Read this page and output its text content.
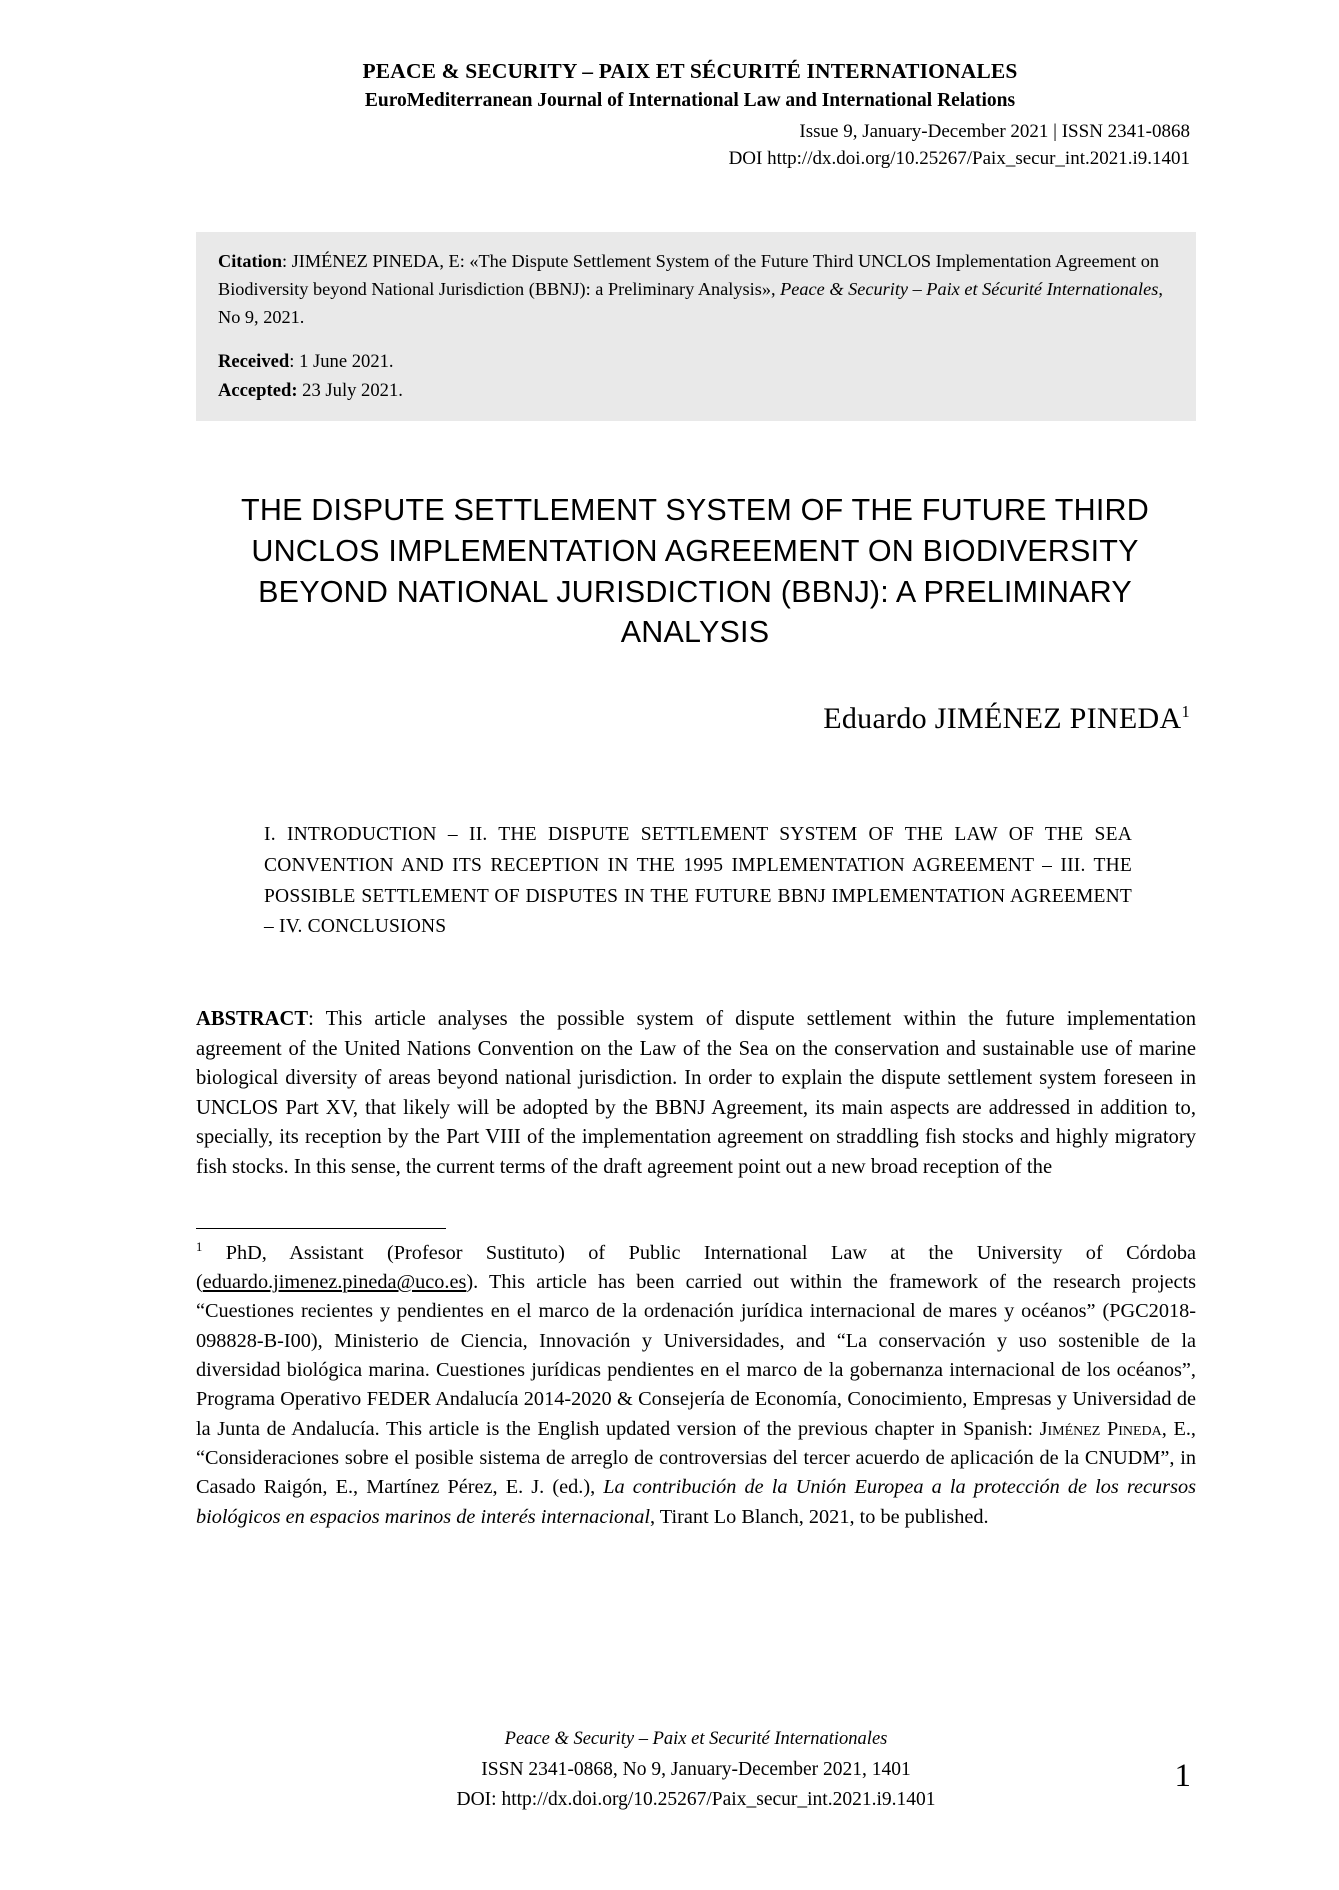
PEACE & SECURITY – PAIX ET SÉCURITÉ INTERNATIONALES
EuroMediterranean Journal of International Law and International Relations
Issue 9, January-December 2021 | ISSN 2341-0868
DOI http://dx.doi.org/10.25267/Paix_secur_int.2021.i9.1401
Citation: JIMÉNEZ PINEDA, E: «The Dispute Settlement System of the Future Third UNCLOS Implementation Agreement on Biodiversity beyond National Jurisdiction (BBNJ): a Preliminary Analysis», Peace & Security – Paix et Sécurité Internationales, No 9, 2021.
Received: 1 June 2021.
Accepted: 23 July 2021.
THE DISPUTE SETTLEMENT SYSTEM OF THE FUTURE THIRD UNCLOS IMPLEMENTATION AGREEMENT ON BIODIVERSITY BEYOND NATIONAL JURISDICTION (BBNJ): A PRELIMINARY ANALYSIS
Eduardo JIMÉNEZ PINEDA$^1$
I. INTRODUCTION – II. THE DISPUTE SETTLEMENT SYSTEM OF THE LAW OF THE SEA CONVENTION AND ITS RECEPTION IN THE 1995 IMPLEMENTATION AGREEMENT – III. THE POSSIBLE SETTLEMENT OF DISPUTES IN THE FUTURE BBNJ IMPLEMENTATION AGREEMENT – IV. CONCLUSIONS
ABSTRACT: This article analyses the possible system of dispute settlement within the future implementation agreement of the United Nations Convention on the Law of the Sea on the conservation and sustainable use of marine biological diversity of areas beyond national jurisdiction. In order to explain the dispute settlement system foreseen in UNCLOS Part XV, that likely will be adopted by the BBNJ Agreement, its main aspects are addressed in addition to, specially, its reception by the Part VIII of the implementation agreement on straddling fish stocks and highly migratory fish stocks. In this sense, the current terms of the draft agreement point out a new broad reception of the
$^1$ PhD, Assistant (Profesor Sustituto) of Public International Law at the University of Córdoba (eduardo.jimenez.pineda@uco.es). This article has been carried out within the framework of the research projects “Cuestiones recientes y pendientes en el marco de la ordenación jurídica internacional de mares y océanos” (PGC2018-098828-B-I00), Ministerio de Ciencia, Innovación y Universidades, and “La conservación y uso sostenible de la diversidad biológica marina. Cuestiones jurídicas pendientes en el marco de la gobernanza internacional de los océanos”, Programa Operativo FEDER Andalucía 2014-2020 & Consejería de Economía, Conocimiento, Empresas y Universidad de la Junta de Andalucía. This article is the English updated version of the previous chapter in Spanish: Jiménez Pineda, E., “Consideraciones sobre el posible sistema de arreglo de controversias del tercer acuerdo de aplicación de la CNUDM”, in Casado Raigón, E., Martínez Pérez, E. J. (ed.), La contribución de la Unión Europea a la protección de los recursos biológicos en espacios marinos de interés internacional, Tirant Lo Blanch, 2021, to be published.
Peace & Security – Paix et Securité Internationales
ISSN 2341-0868, No 9, January-December 2021, 1401
DOI: http://dx.doi.org/10.25267/Paix_secur_int.2021.i9.1401
1
